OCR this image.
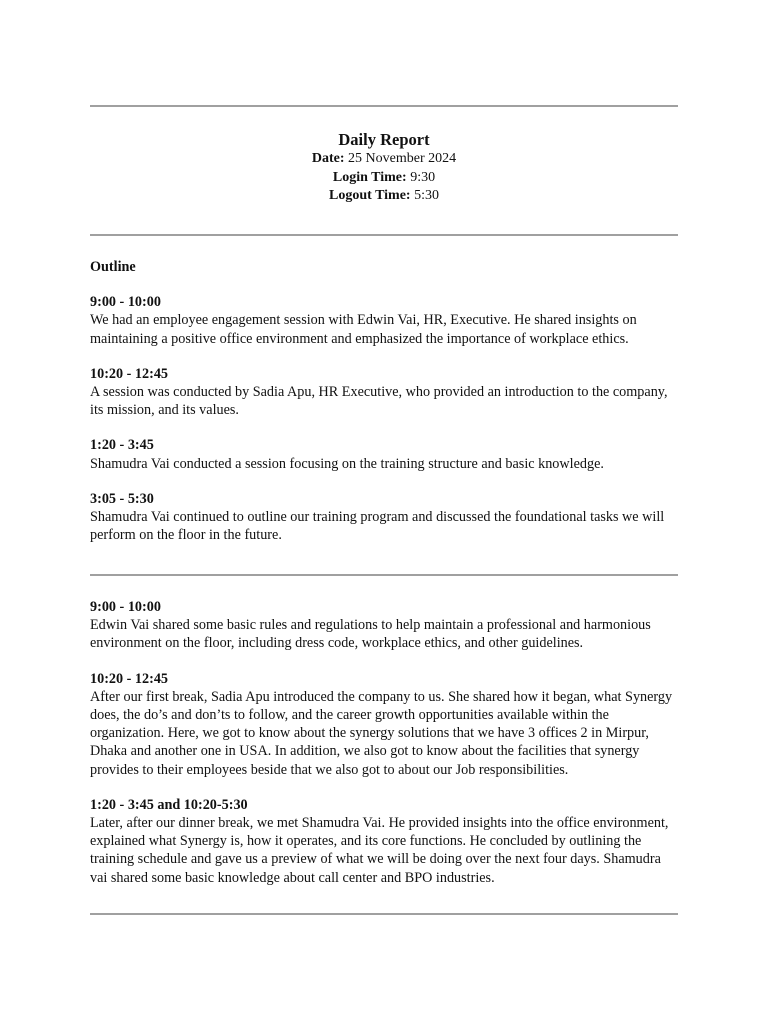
Daily Report
Date: 25 November 2024
Login Time: 9:30
Logout Time: 5:30
Outline
9:00 - 10:00
We had an employee engagement session with Edwin Vai, HR, Executive. He shared insights on maintaining a positive office environment and emphasized the importance of workplace ethics.
10:20 - 12:45
A session was conducted by Sadia Apu, HR Executive, who provided an introduction to the company, its mission, and its values.
1:20 - 3:45
Shamudra Vai conducted a session focusing on the training structure and basic knowledge.
3:05 - 5:30
Shamudra Vai continued to outline our training program and discussed the foundational tasks we will perform on the floor in the future.
9:00 - 10:00
Edwin Vai shared some basic rules and regulations to help maintain a professional and harmonious environment on the floor, including dress code, workplace ethics, and other guidelines.
10:20 - 12:45
After our first break, Sadia Apu introduced the company to us. She shared how it began, what Synergy does, the do’s and don’ts to follow, and the career growth opportunities available within the organization. Here, we got to know about the synergy solutions that we have 3 offices 2 in Mirpur, Dhaka and another one in USA. In addition, we also got to know about the facilities that synergy provides to their employees beside that we also got to about our Job responsibilities.
1:20 - 3:45 and 10:20-5:30
Later, after our dinner break, we met Shamudra Vai. He provided insights into the office environment, explained what Synergy is, how it operates, and its core functions. He concluded by outlining the training schedule and gave us a preview of what we will be doing over the next four days. Shamudra vai shared some basic knowledge about call center and BPO industries.
